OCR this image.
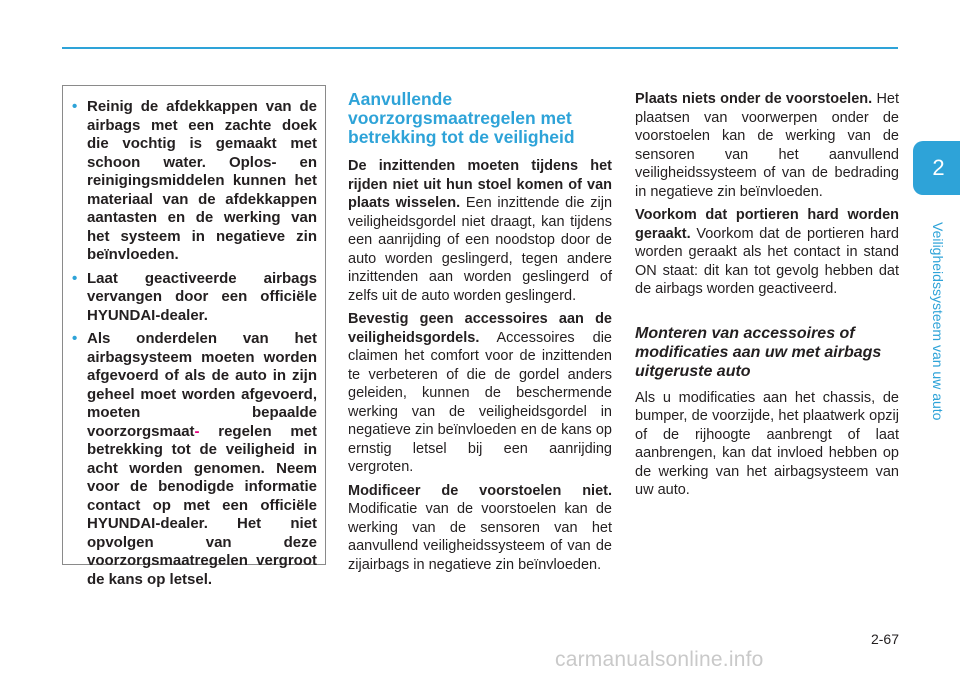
2
Veiligheidssysteem van uw auto
• Reinig de afdekkappen van de airbags met een zachte doek die vochtig is gemaakt met schoon water. Oplos- en reinigingsmiddelen kunnen het materiaal van de afdekkappen aantasten en de werking van het systeem in negatieve zin beïnvloeden.
• Laat geactiveerde airbags vervangen door een officiële HYUNDAI-dealer.
• Als onderdelen van het airbagsysteem moeten worden afgevoerd of als de auto in zijn geheel moet worden afgevoerd, moeten bepaalde voorzorgsmaat- regelen met betrekking tot de veiligheid in acht worden genomen. Neem voor de benodigde informatie contact op met een officiële HYUNDAI-dealer. Het niet opvolgen van deze voorzorgsmaatregelen vergroot de kans op letsel.
Aanvullende voorzorgsmaatregelen met betrekking tot de veiligheid

De inzittenden moeten tijdens het rijden niet uit hun stoel komen of van plaats wisselen. Een inzittende die zijn veiligheidsgordel niet draagt, kan tijdens een aanrijding of een noodstop door de auto worden geslingerd, tegen andere inzittenden aan worden geslingerd of zelfs uit de auto worden geslingerd.

Bevestig geen accessoires aan de veiligheidsgordels. Accessoires die claimen het comfort voor de inzittenden te verbeteren of die de gordel anders geleiden, kunnen de beschermende werking van de veiligheidsgordel in negatieve zin beïnvloeden en de kans op ernstig letsel bij een aanrijding vergroten.

Modificeer de voorstoelen niet. Modificatie van de voorstoelen kan de werking van de sensoren van het aanvullend veiligheidssysteem of van de zijairbags in negatieve zin beïnvloeden.

Plaats niets onder de voorstoelen. Het plaatsen van voorwerpen onder de voorstoelen kan de werking van de sensoren van het aanvullend veiligheidssysteem of van de bedrading in negatieve zin beïnvloeden.

Voorkom dat portieren hard worden geraakt. Voorkom dat de portieren hard worden geraakt als het contact in stand ON staat: dit kan tot gevolg hebben dat de airbags worden geactiveerd.

Monteren van accessoires of modificaties aan uw met airbags uitgeruste auto

Als u modificaties aan het chassis, de bumper, de voorzijde, het plaatwerk opzij of de rijhoogte aanbrengt of laat aanbrengen, kan dat invloed hebben op de werking van het airbagsysteem van uw auto.

2-67
carmanualsonline.info
